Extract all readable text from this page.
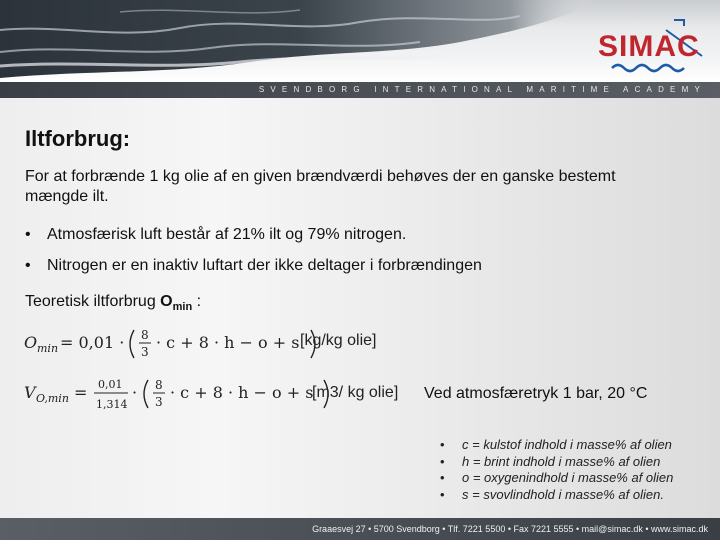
SIMAC
SVENDBORG INTERNATIONAL MARITIME ACADEMY
Iltforbrug:
For at forbrænde 1 kg olie af en given brændværdi behøves der en ganske bestemt mængde ilt.
• Atmosfærisk luft består af 21% ilt og 79% nitrogen.
• Nitrogen er en inaktiv luftart der ikke deltager i forbrændingen
Teoretisk iltforbrug $O_{min}$ :
O min = 0,01 · 8
3 · c + 8 · h − o + s [kg/kg olie]
V O,min = 0,01
1,314
· 8
3 · c + 8 · h − o + s
[m3/ kg olie] Ved atmosfæretryk 1 bar, 20 °C
• c = kulstof indhold i masse% af olien
• h = brint indhold i masse% af olien
• o = oxygenindhold i masse% af olien
• s = svovlindhold i masse% af olien.
Graaesvej 27 • 5700 Svendborg • Tlf. 7221 5500 • Fax 7221 5555 • mail@simac.dk • www.simac.dk
